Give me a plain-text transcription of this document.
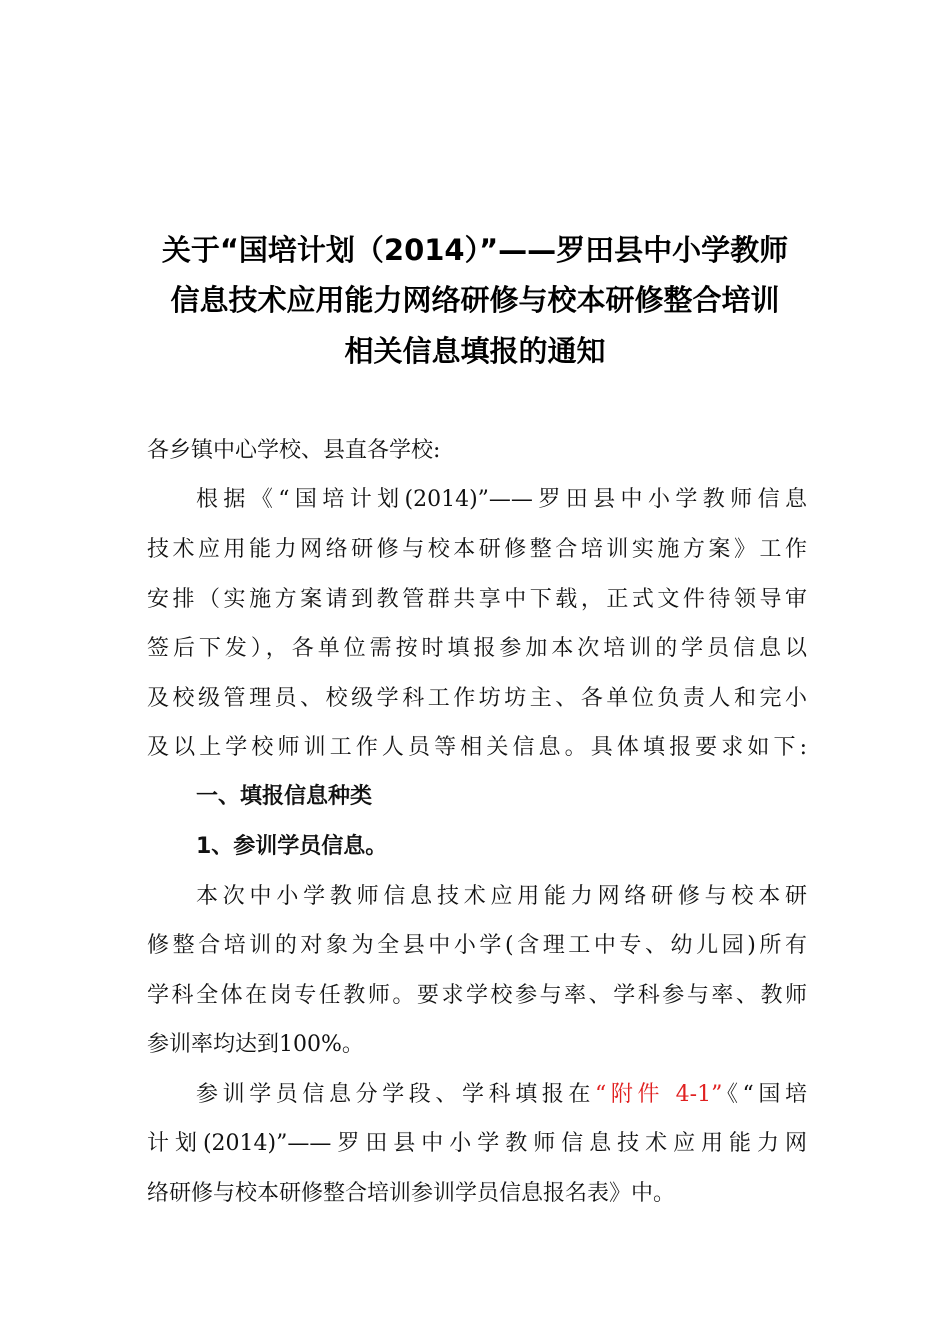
关于“国培计划（2014）”——罗田县中小学教师
信息技术应用能力网络研修与校本研修整合培训
相关信息填报的通知
各乡镇中心学校、县直各学校:
根据《“国培计划(2014)”——罗田县中小学教师信息
技术应用能力网络研修与校本研修整合培训实施方案》工作
安排（实施方案请到教管群共享中下载，正式文件待领导审
签后下发），各单位需按时填报参加本次培训的学员信息以
及校级管理员、校级学科工作坊坊主、各单位负责人和完小
及以上学校师训工作人员等相关信息。具体填报要求如下:
一、填报信息种类
1、参训学员信息。
本次中小学教师信息技术应用能力网络研修与校本研
修整合培训的对象为全县中小学(含理工中专、幼儿园)所有
学科全体在岗专任教师。要求学校参与率、学科参与率、教师
参训率均达到100%。
参训学员信息分学段、学科填报在“附件 4-1”《“国培
计划(2014)”——罗田县中小学教师信息技术应用能力网
络研修与校本研修整合培训参训学员信息报名表》中。
